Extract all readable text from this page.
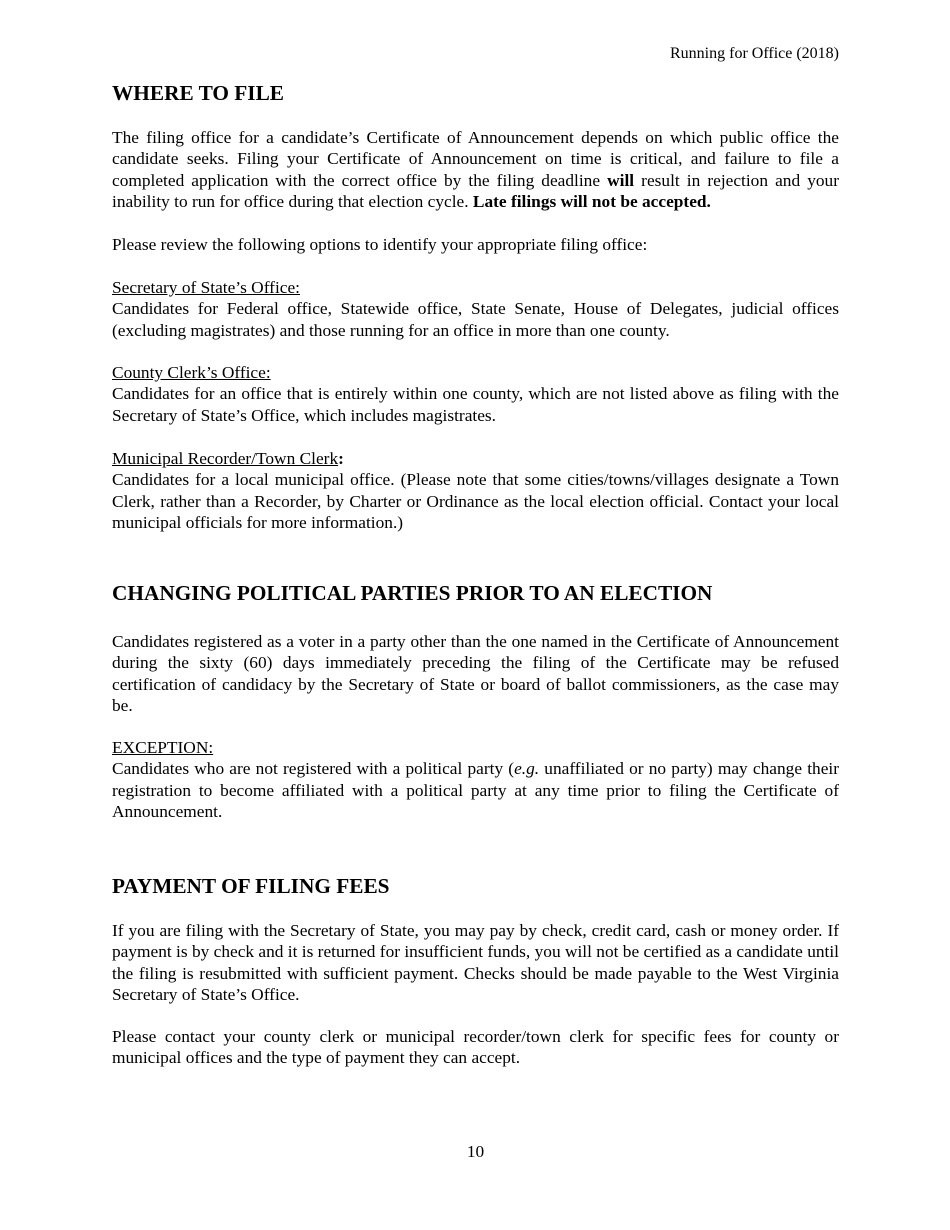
Running for Office (2018)
WHERE TO FILE

The filing office for a candidate’s Certificate of Announcement depends on which public office the candidate seeks. Filing your Certificate of Announcement on time is critical, and failure to file a completed application with the correct office by the filing deadline will result in rejection and your inability to run for office during that election cycle. Late filings will not be accepted.

Please review the following options to identify your appropriate filing office:

Secretary of State’s Office:
Candidates for Federal office, Statewide office, State Senate, House of Delegates, judicial offices (excluding magistrates) and those running for an office in more than one county.

County Clerk’s Office:
Candidates for an office that is entirely within one county, which are not listed above as filing with the Secretary of State’s Office, which includes magistrates.

Municipal Recorder/Town Clerk:
Candidates for a local municipal office. (Please note that some cities/towns/villages designate a Town Clerk, rather than a Recorder, by Charter or Ordinance as the local election official. Contact your local municipal officials for more information.)

CHANGING POLITICAL PARTIES PRIOR TO AN ELECTION

Candidates registered as a voter in a party other than the one named in the Certificate of Announcement during the sixty (60) days immediately preceding the filing of the Certificate may be refused certification of candidacy by the Secretary of State or board of ballot commissioners, as the case may be.

EXCEPTION:
Candidates who are not registered with a political party (e.g. unaffiliated or no party) may change their registration to become affiliated with a political party at any time prior to filing the Certificate of Announcement.

PAYMENT OF FILING FEES

If you are filing with the Secretary of State, you may pay by check, credit card, cash or money order. If payment is by check and it is returned for insufficient funds, you will not be certified as a candidate until the filing is resubmitted with sufficient payment. Checks should be made payable to the West Virginia Secretary of State’s Office.

Please contact your county clerk or municipal recorder/town clerk for specific fees for county or municipal offices and the type of payment they can accept.

10
